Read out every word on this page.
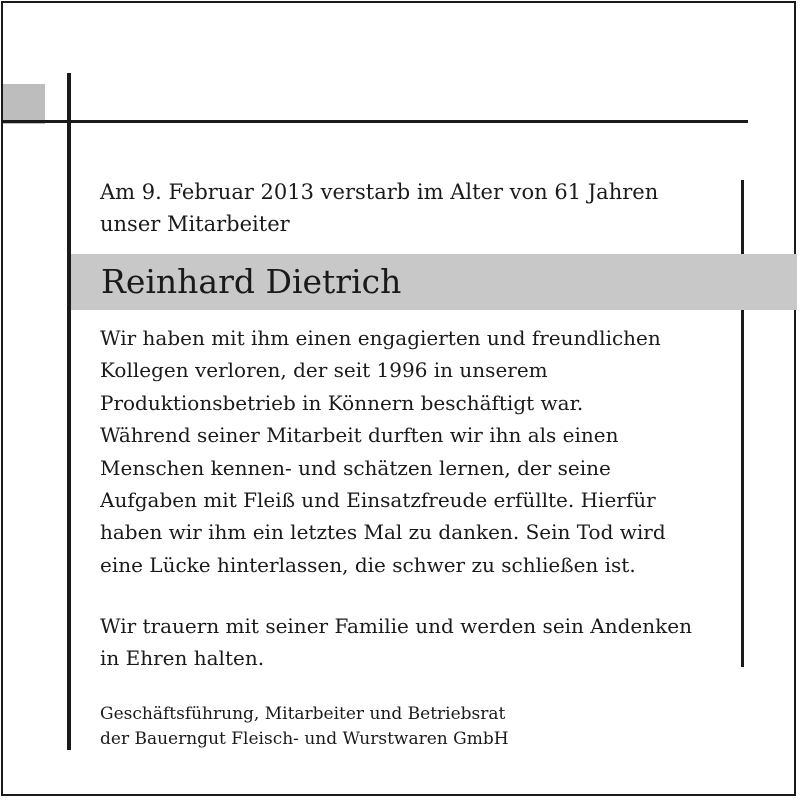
Am 9. Februar 2013 verstarb im Alter von 61 Jahren
unser Mitarbeiter

Reinhard Dietrich

Wir haben mit ihm einen engagierten und freundlichen
Kollegen verloren, der seit 1996 in unserem
Produktionsbetrieb in Könnern beschäftigt war.
Während seiner Mitarbeit durften wir ihn als einen
Menschen kennen- und schätzen lernen, der seine
Aufgaben mit Fleiß und Einsatzfreude erfüllte. Hierfür
haben wir ihm ein letztes Mal zu danken. Sein Tod wird
eine Lücke hinterlassen, die schwer zu schließen ist.

Wir trauern mit seiner Familie und werden sein Andenken
in Ehren halten.

Geschäftsführung, Mitarbeiter und Betriebsrat
der Bauerngut Fleisch- und Wurstwaren GmbH
